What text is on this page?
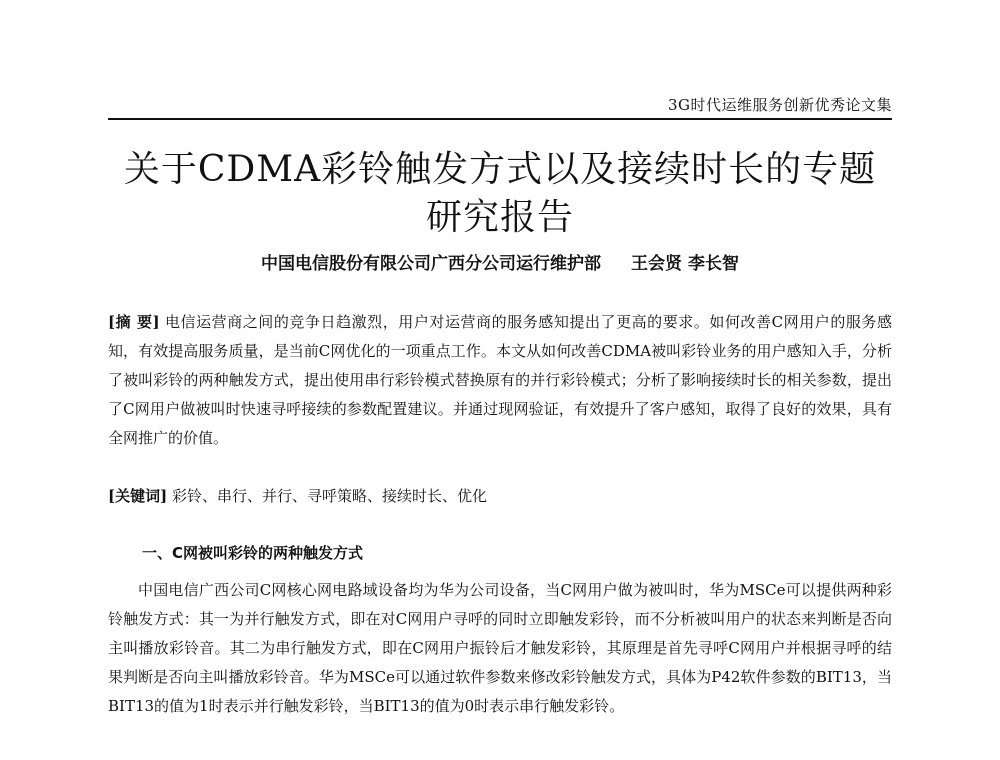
3G时代运维服务创新优秀论文集
关于CDMA彩铃触发方式以及接续时长的专题
研究报告
中国电信股份有限公司广西分公司运行维护部 王会贤 李长智
[摘 要] 电信运营商之间的竞争日趋激烈，用户对运营商的服务感知提出了更高的要求。如何改善C网用户的服务感知，有效提高服务质量，是当前C网优化的一项重点工作。本文从如何改善CDMA被叫彩铃业务的用户感知入手，分析了被叫彩铃的两种触发方式，提出使用串行彩铃模式替换原有的并行彩铃模式；分析了影响接续时长的相关参数，提出了C网用户做被叫时快速寻呼接续的参数配置建议。并通过现网验证，有效提升了客户感知，取得了良好的效果，具有全网推广的价值。
[关键词] 彩铃、串行、并行、寻呼策略、接续时长、优化
一、C网被叫彩铃的两种触发方式
中国电信广西公司C网核心网电路域设备均为华为公司设备，当C网用户做为被叫时，华为MSCe可以提供两种彩铃触发方式：其一为并行触发方式，即在对C网用户寻呼的同时立即触发彩铃，而不分析被叫用户的状态来判断是否向主叫播放彩铃音。其二为串行触发方式，即在C网用户振铃后才触发彩铃，其原理是首先寻呼C网用户并根据寻呼的结果判断是否向主叫播放彩铃音。华为MSCe可以通过软件参数来修改彩铃触发方式，具体为P42软件参数的BIT13，当BIT13的值为1时表示并行触发彩铃，当BIT13的值为0时表示串行触发彩铃。
